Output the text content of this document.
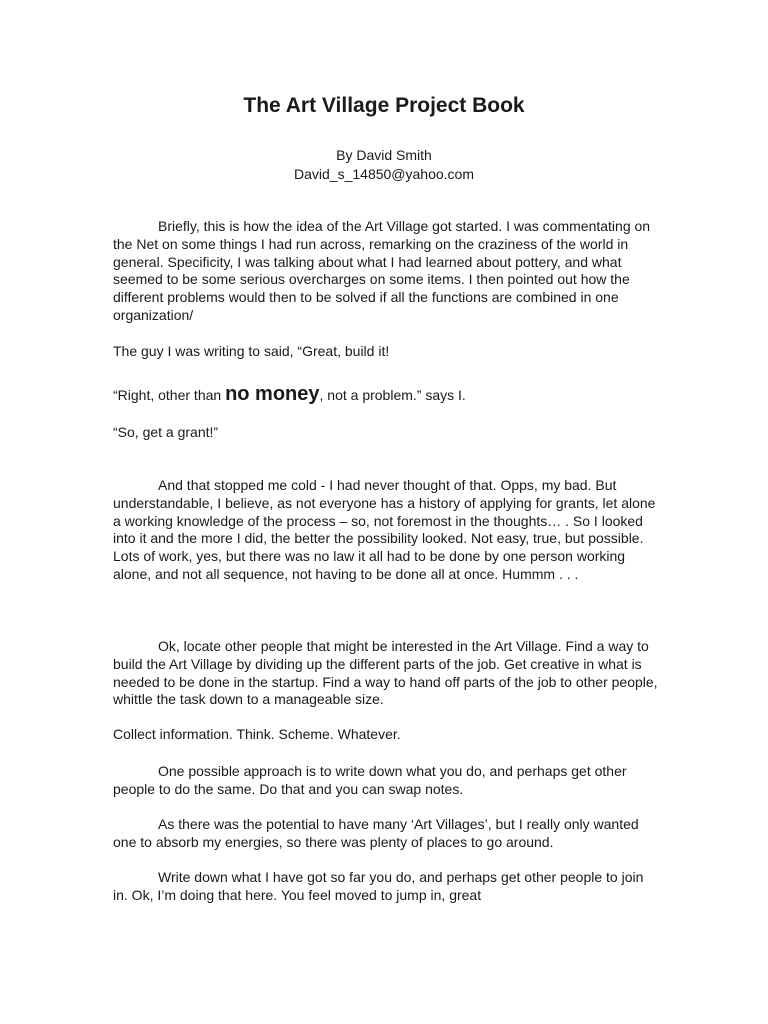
The Art Village Project Book
By David Smith
David_s_14850@yahoo.com

Briefly, this is how the idea of the Art Village got started. I was commentating on the Net on some things I had run across, remarking on the craziness of the world in general. Specificity, I was talking about what I had learned about pottery, and what seemed to be some serious overcharges on some items. I then pointed out how the different problems would then to be solved if all the functions are combined in one organization/

The guy I was writing to said, “Great, build it!

“Right, other than no money, not a problem.” says I.

“So, get a grant!”

And that stopped me cold - I had never thought of that. Opps, my bad. But understandable, I believe, as not everyone has a history of applying for grants, let alone a working knowledge of the process – so, not foremost in the thoughts… . So I looked into it and the more I did, the better the possibility looked. Not easy, true, but possible. Lots of work, yes, but there was no law it all had to be done by one person working alone, and not all sequence, not having to be done all at once. Hummm . . .

Ok, locate other people that might be interested in the Art Village. Find a way to build the Art Village by dividing up the different parts of the job. Get creative in what is needed to be done in the startup. Find a way to hand off parts of the job to other people, whittle the task down to a manageable size.

Collect information. Think. Scheme. Whatever.

One possible approach is to write down what you do, and perhaps get other people to do the same. Do that and you can swap notes.

As there was the potential to have many ‘Art Villages’, but I really only wanted one to absorb my energies, so there was plenty of places to go around.

Write down what I have got so far you do, and perhaps get other people to join in. Ok, I’m doing that here. You feel moved to jump in, great
